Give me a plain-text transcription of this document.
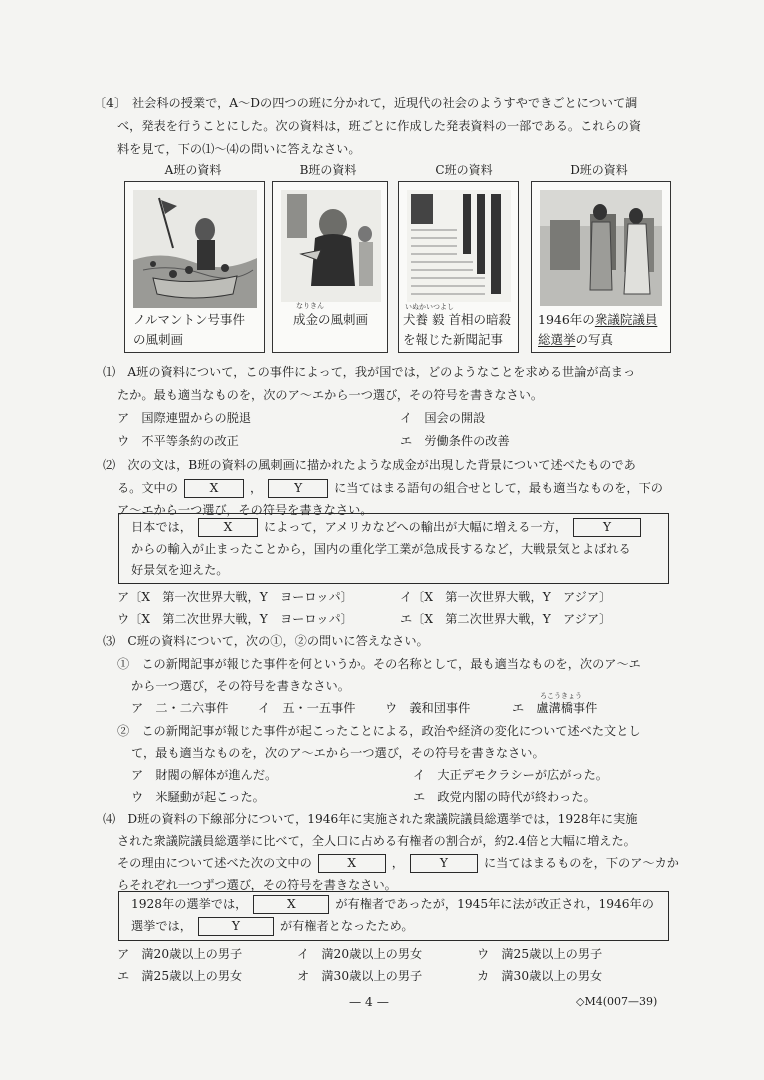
〔4〕 社会科の授業で，A～Dの四つの班に分かれて，近現代の社会のようすやできごとについて調
べ，発表を行うことにした。次の資料は，班ごとに作成した発表資料の一部である。これらの資
料を見て，下の⑴～⑷の問いに答えなさい。
A班の資料	B班の資料	C班の資料	D班の資料
ノルマントン号事件
の風刺画
なりきん
成金の風刺画
いぬかいつよし
犬養 毅 首相の暗殺
を報じた新聞記事
1946年の衆議院議員
総選挙の写真
⑴　A班の資料について，この事件によって，我が国では，どのようなことを求める世論が高まっ
たか。最も適当なものを，次のア～エから一つ選び，その符号を書きなさい。
ア　国際連盟からの脱退	イ　国会の開設
ウ　不平等条約の改正	エ　労働条件の改善
⑵　次の文は，B班の資料の風刺画に描かれたような成金が出現した背景について述べたものであ
る。文中の	X	，	Y	に当てはまる語句の組合せとして，最も適当なものを，下の
ア～エから一つ選び，その符号を書きなさい。
日本では，	X	によって，アメリカなどへの輸出が大幅に増える一方，	Y
からの輸入が止まったことから，国内の重化学工業が急成長するなど，大戦景気とよばれる
好景気を迎えた。
ア〔X　第一次世界大戦，Y　ヨーロッパ〕	イ〔X　第一次世界大戦，Y　アジア〕
ウ〔X　第二次世界大戦，Y　ヨーロッパ〕	エ〔X　第二次世界大戦，Y　アジア〕
⑶　C班の資料について，次の①，②の問いに答えなさい。
①　この新聞記事が報じた事件を何というか。その名称として，最も適当なものを，次のア～エ
から一つ選び，その符号を書きなさい。
ア　二・二六事件 イ　五・一五事件 ウ　義和団事件
ろこうきょう
エ　盧溝橋事件
②　この新聞記事が報じた事件が起こったことによる，政治や経済の変化について述べた文とし
て，最も適当なものを，次のア～エから一つ選び，その符号を書きなさい。
ア　財閥の解体が進んだ。	イ　大正デモクラシーが広がった。
ウ　米騒動が起こった。	エ　政党内閣の時代が終わった。
⑷　D班の資料の下線部分について，1946年に実施された衆議院議員総選挙では，1928年に実施
された衆議院議員総選挙に比べて，全人口に占める有権者の割合が，約2.4倍と大幅に増えた。
その理由について述べた次の文中の	X	，	Y	に当てはまるものを，下のア～カか
らそれぞれ一つずつ選び，その符号を書きなさい。
1928年の選挙では，	X	が有権者であったが，1945年に法が改正され，1946年の
選挙では，	Y	が有権者となったため。
ア　満20歳以上の男子	イ　満20歳以上の男女	ウ　満25歳以上の男子
エ　満25歳以上の男女	オ　満30歳以上の男子	カ　満30歳以上の男女
— 4 —	◇M4(007—39)
